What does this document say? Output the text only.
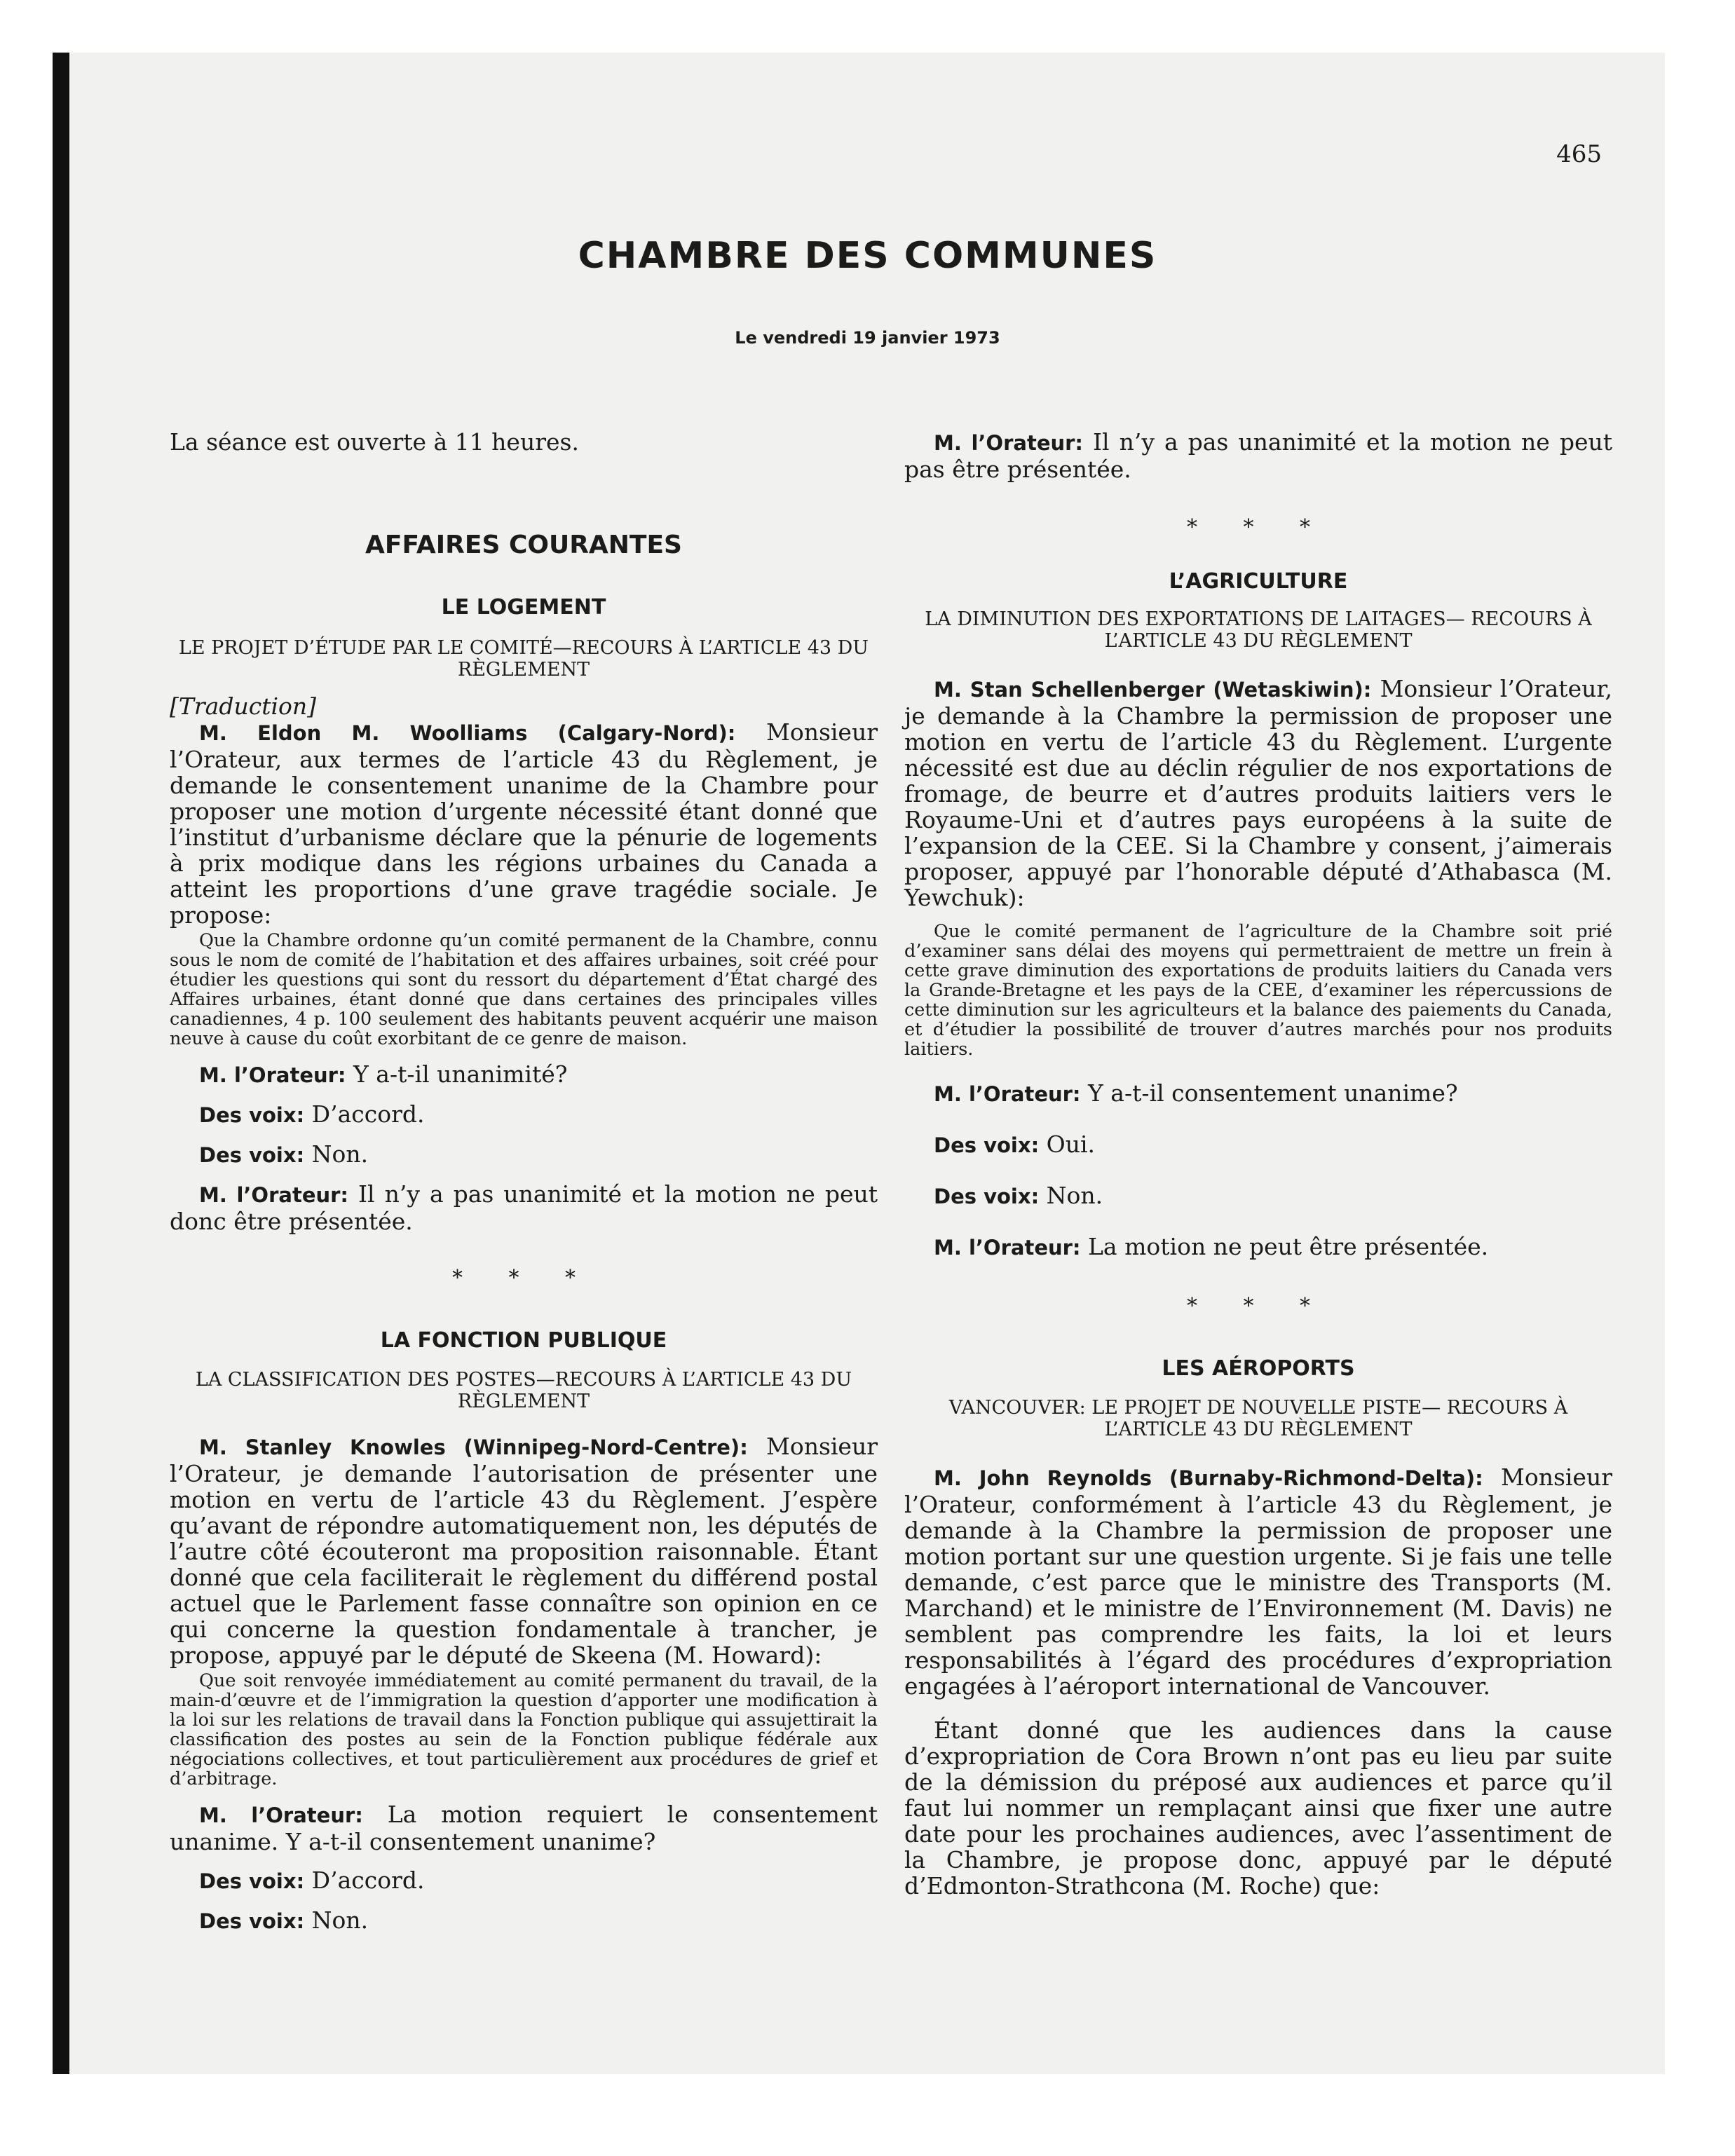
465
CHAMBRE DES COMMUNES
Le vendredi 19 janvier 1973

La séance est ouverte à 11 heures.

AFFAIRES COURANTES
LE LOGEMENT
LE PROJET D’ÉTUDE PAR LE COMITÉ—RECOURS À L’ARTICLE 43 DU RÈGLEMENT

[Traduction]

M. Eldon M. Woolliams (Calgary-Nord): Monsieur l’Orateur, aux termes de l’article 43 du Règlement, je demande le consentement unanime de la Chambre pour proposer une motion d’urgente nécessité étant donné que l’institut d’urbanisme déclare que la pénurie de logements à prix modique dans les régions urbaines du Canada a atteint les proportions d’une grave tragédie sociale. Je propose:

Que la Chambre ordonne qu’un comité permanent de la Chambre, connu sous le nom de comité de l’habitation et des affaires urbaines, soit créé pour étudier les questions qui sont du ressort du département d’État chargé des Affaires urbaines, étant donné que dans certaines des principales villes canadiennes, 4 p. 100 seulement des habitants peuvent acquérir une maison neuve à cause du coût exorbitant de ce genre de maison.

M. l’Orateur: Y a-t-il unanimité?

Des voix: D’accord.

Des voix: Non.

M. l’Orateur: Il n’y a pas unanimité et la motion ne peut donc être présentée.

* * *
LA FONCTION PUBLIQUE
LA CLASSIFICATION DES POSTES—RECOURS À L’ARTICLE 43 DU RÈGLEMENT

M. Stanley Knowles (Winnipeg-Nord-Centre): Monsieur l’Orateur, je demande l’autorisation de présenter une motion en vertu de l’article 43 du Règlement. J’espère qu’avant de répondre automatiquement non, les députés de l’autre côté écouteront ma proposition raisonnable. Étant donné que cela faciliterait le règlement du différend postal actuel que le Parlement fasse connaître son opinion en ce qui concerne la question fondamentale à trancher, je propose, appuyé par le député de Skeena (M. Howard):

Que soit renvoyée immédiatement au comité permanent du travail, de la main-d’œuvre et de l’immigration la question d’apporter une modification à la loi sur les relations de travail dans la Fonction publique qui assujettirait la classification des postes au sein de la Fonction publique fédérale aux négociations collectives, et tout particulièrement aux procédures de grief et d’arbitrage.

M. l’Orateur: La motion requiert le consentement unanime. Y a-t-il consentement unanime?

Des voix: D’accord.

Des voix: Non.

M. l’Orateur: Il n’y a pas unanimité et la motion ne peut pas être présentée.

* * *
L’AGRICULTURE
LA DIMINUTION DES EXPORTATIONS DE LAITAGES— RECOURS À L’ARTICLE 43 DU RÈGLEMENT

M. Stan Schellenberger (Wetaskiwin): Monsieur l’Orateur, je demande à la Chambre la permission de proposer une motion en vertu de l’article 43 du Règlement. L’urgente nécessité est due au déclin régulier de nos exportations de fromage, de beurre et d’autres produits laitiers vers le Royaume-Uni et d’autres pays européens à la suite de l’expansion de la CEE. Si la Chambre y consent, j’aimerais proposer, appuyé par l’honorable député d’Athabasca (M. Yewchuk):

Que le comité permanent de l’agriculture de la Chambre soit prié d’examiner sans délai des moyens qui permettraient de mettre un frein à cette grave diminution des exportations de produits laitiers du Canada vers la Grande-Bretagne et les pays de la CEE, d’examiner les répercussions de cette diminution sur les agriculteurs et la balance des paiements du Canada, et d’étudier la possibilité de trouver d’autres marchés pour nos produits laitiers.

M. l’Orateur: Y a-t-il consentement unanime?

Des voix: Oui.

Des voix: Non.

M. l’Orateur: La motion ne peut être présentée.

* * *
LES AÉROPORTS
VANCOUVER: LE PROJET DE NOUVELLE PISTE— RECOURS À L’ARTICLE 43 DU RÈGLEMENT

M. John Reynolds (Burnaby-Richmond-Delta): Monsieur l’Orateur, conformément à l’article 43 du Règlement, je demande à la Chambre la permission de proposer une motion portant sur une question urgente. Si je fais une telle demande, c’est parce que le ministre des Transports (M. Marchand) et le ministre de l’Environnement (M. Davis) ne semblent pas comprendre les faits, la loi et leurs responsabilités à l’égard des procédures d’expropriation engagées à l’aéroport international de Vancouver.

Étant donné que les audiences dans la cause d’expropriation de Cora Brown n’ont pas eu lieu par suite de la démission du préposé aux audiences et parce qu’il faut lui nommer un remplaçant ainsi que fixer une autre date pour les prochaines audiences, avec l’assentiment de la Chambre, je propose donc, appuyé par le député d’Edmonton-Strathcona (M. Roche) que:
